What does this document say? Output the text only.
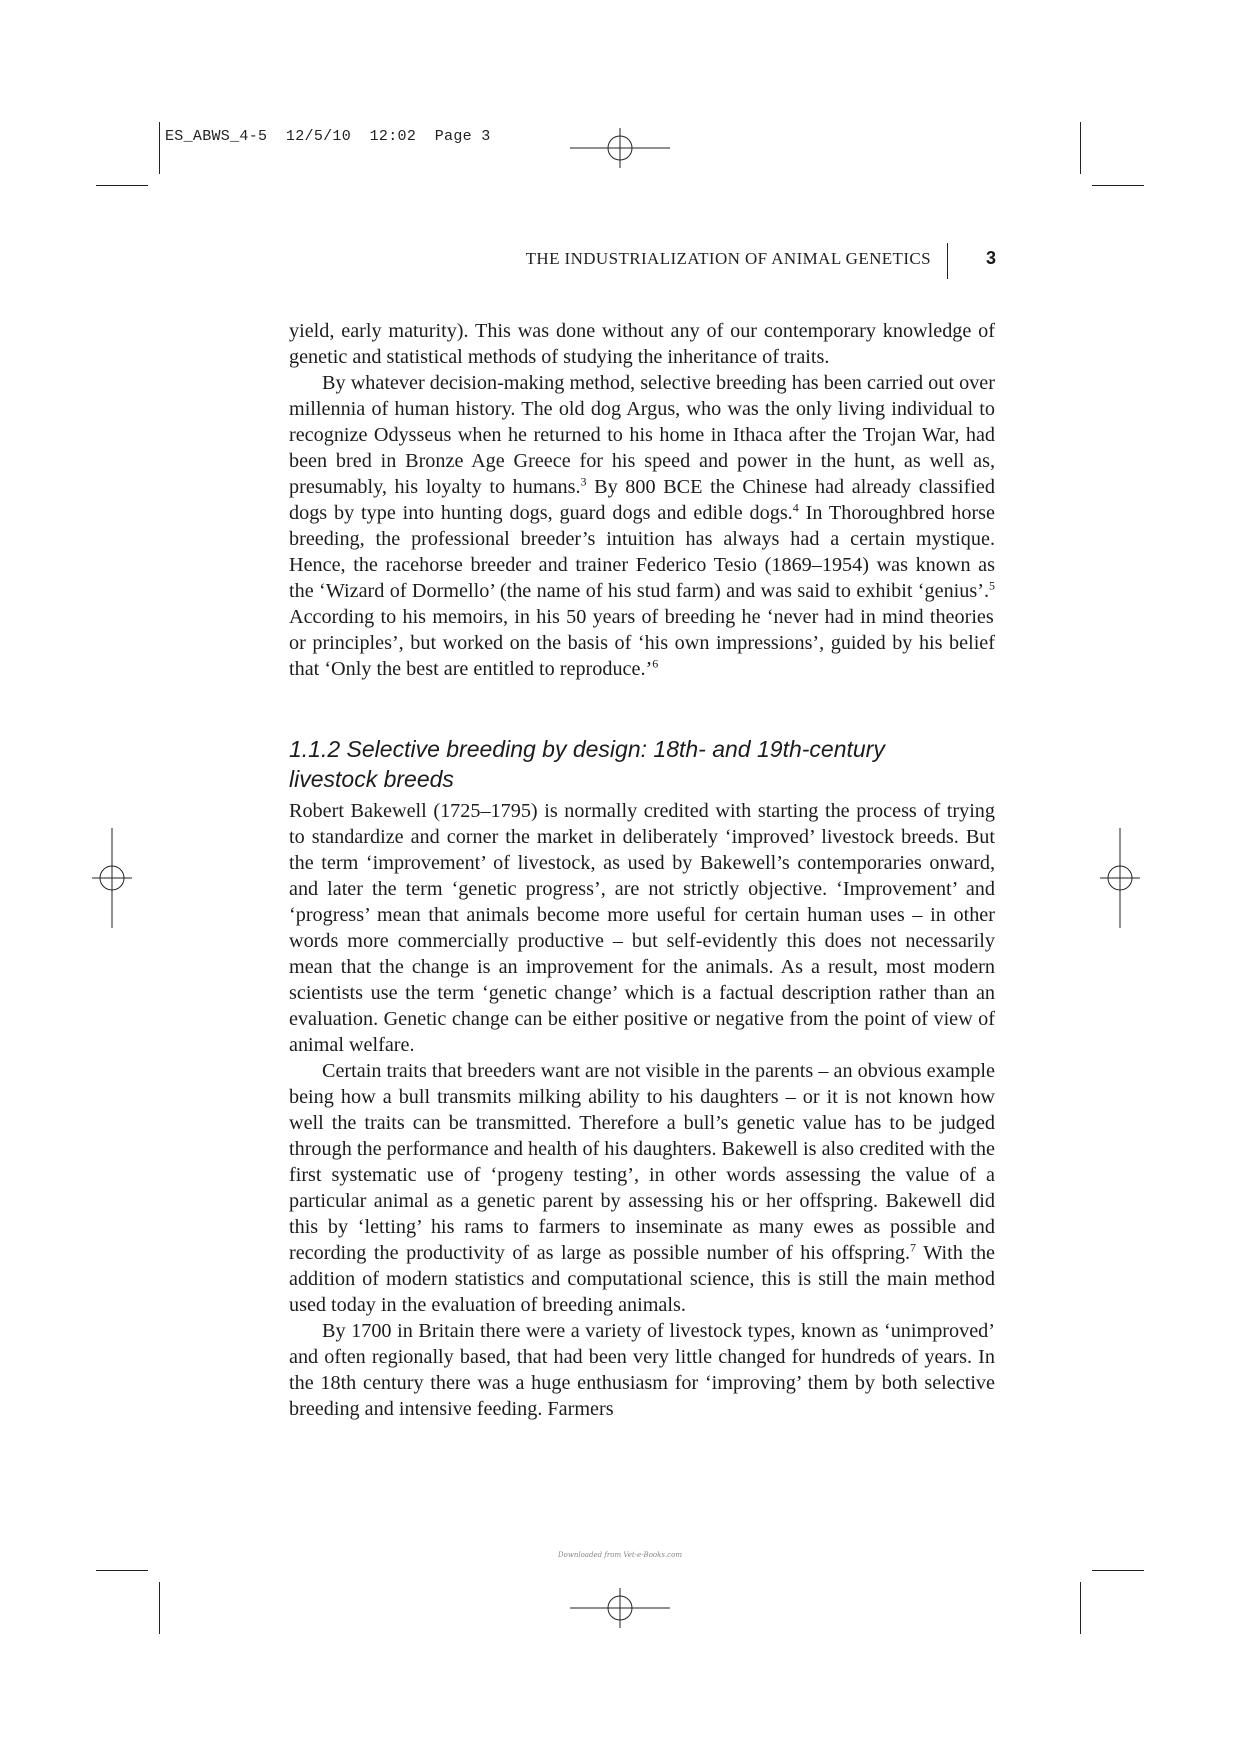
ES_ABWS_4-5  12/5/10  12:02  Page 3
THE INDUSTRIALIZATION OF ANIMAL GENETICS	3

yield, early maturity). This was done without any of our contemporary knowledge of genetic and statistical methods of studying the inheritance of traits.

By whatever decision-making method, selective breeding has been carried out over millennia of human history. The old dog Argus, who was the only living individual to recognize Odysseus when he returned to his home in Ithaca after the Trojan War, had been bred in Bronze Age Greece for his speed and power in the hunt, as well as, presumably, his loyalty to humans.$^3$ By 800 BCE the Chinese had already classified dogs by type into hunting dogs, guard dogs and edible dogs.$^4$ In Thoroughbred horse breeding, the professional breeder’s intuition has always had a certain mystique. Hence, the racehorse breeder and trainer Federico Tesio (1869–1954) was known as the ‘Wizard of Dormello’ (the name of his stud farm) and was said to exhibit ‘genius’.$^5$ According to his memoirs, in his 50 years of breeding he ‘never had in mind theories or principles’, but worked on the basis of ‘his own impressions’, guided by his belief that ‘Only the best are entitled to reproduce.’$^6$

1.1.2 Selective breeding by design: 18th- and 19th-century
livestock breeds

Robert Bakewell (1725–1795) is normally credited with starting the process of trying to standardize and corner the market in deliberately ‘improved’ livestock breeds. But the term ‘improvement’ of livestock, as used by Bakewell’s contemporaries onward, and later the term ‘genetic progress’, are not strictly objective. ‘Improvement’ and ‘progress’ mean that animals become more useful for certain human uses – in other words more commercially productive – but self-evidently this does not necessarily mean that the change is an improvement for the animals. As a result, most modern scientists use the term ‘genetic change’ which is a factual description rather than an evaluation. Genetic change can be either positive or negative from the point of view of animal welfare.

Certain traits that breeders want are not visible in the parents – an obvious example being how a bull transmits milking ability to his daughters – or it is not known how well the traits can be transmitted. Therefore a bull’s genetic value has to be judged through the performance and health of his daughters. Bakewell is also credited with the first systematic use of ‘progeny testing’, in other words assessing the value of a particular animal as a genetic parent by assessing his or her offspring. Bakewell did this by ‘letting’ his rams to farmers to inseminate as many ewes as possible and recording the productivity of as large as possible number of his offspring.$^7$ With the addition of modern statistics and computational science, this is still the main method used today in the evaluation of breeding animals.

By 1700 in Britain there were a variety of livestock types, known as ‘unimproved’ and often regionally based, that had been very little changed for hundreds of years. In the 18th century there was a huge enthusiasm for ‘improving’ them by both selective breeding and intensive feeding. Farmers

Downloaded from Vet-e-Books.com
